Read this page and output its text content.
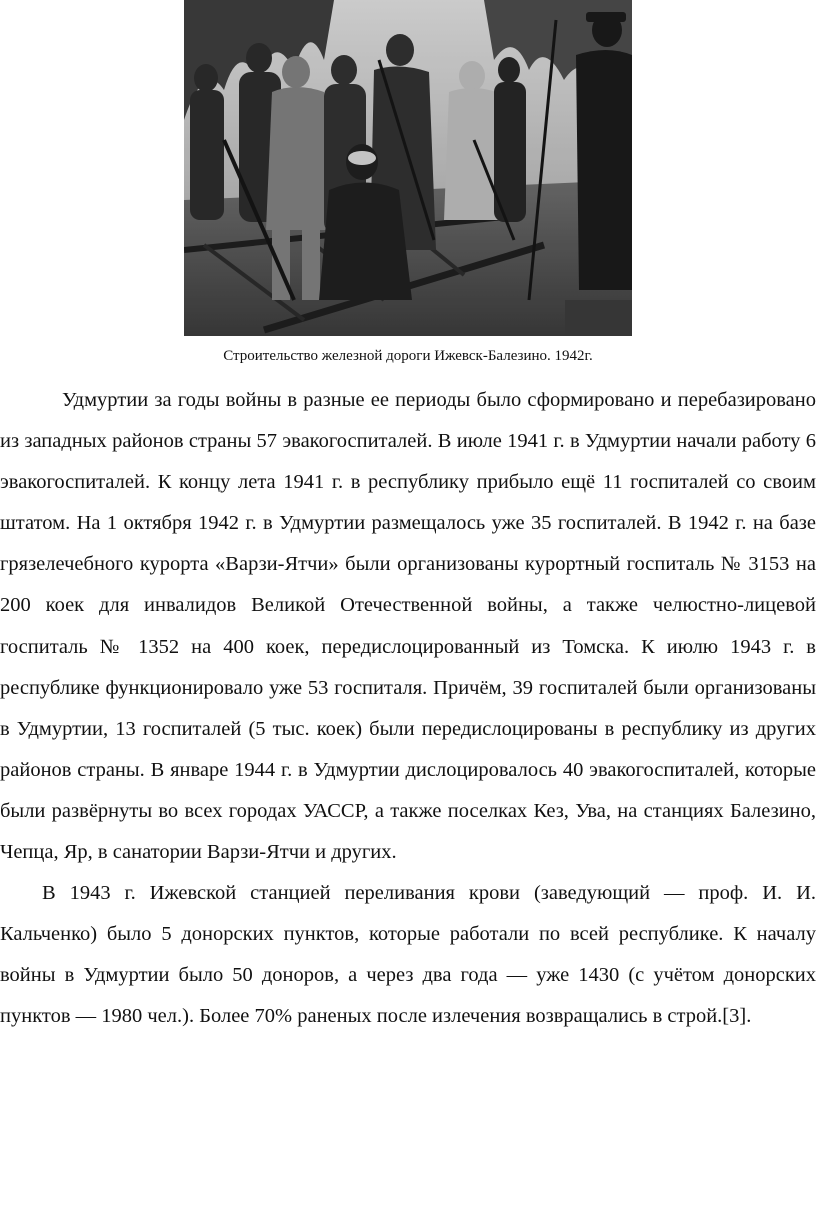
Строительство железной дороги Ижевск-Балезино. 1942г.

Удмуртии за годы войны в разные ее периоды было сформировано и перебазировано из западных районов страны 57 эвакогоспиталей. В июле 1941 г. в Удмуртии начали работу 6 эвакогоспиталей. К концу лета 1941 г. в республику прибыло ещё 11 госпиталей со своим штатом. На 1 октября 1942 г. в Удмуртии размещалось уже 35 госпиталей. В 1942 г. на базе грязелечебного курорта «Варзи-Ятчи» были организованы курортный госпиталь № 3153 на 200 коек для инвалидов Великой Отечественной войны, а также челюстно-лицевой госпиталь № 1352 на 400 коек, передислоцированный из Томска. К июлю 1943 г. в республике функционировало уже 53 госпиталя. Причём, 39 госпиталей были организованы в Удмуртии, 13 госпиталей (5 тыс. коек) были передислоцированы в республику из других районов страны. В январе 1944 г. в Удмуртии дислоцировалось 40 эвакогоспиталей, которые были развёрнуты во всех городах УАССР, а также поселках Кез, Ува, на станциях Балезино, Чепца, Яр, в санатории Варзи-Ятчи и других.

В 1943 г. Ижевской станцией переливания крови (заведующий — проф. И. И. Кальченко) было 5 донорских пунктов, которые работали по всей республике. К началу войны в Удмуртии было 50 доноров, а через два года — уже 1430 (с учётом донорских пунктов — 1980 чел.). Более 70% раненых после излечения возвращались в строй.[3].
